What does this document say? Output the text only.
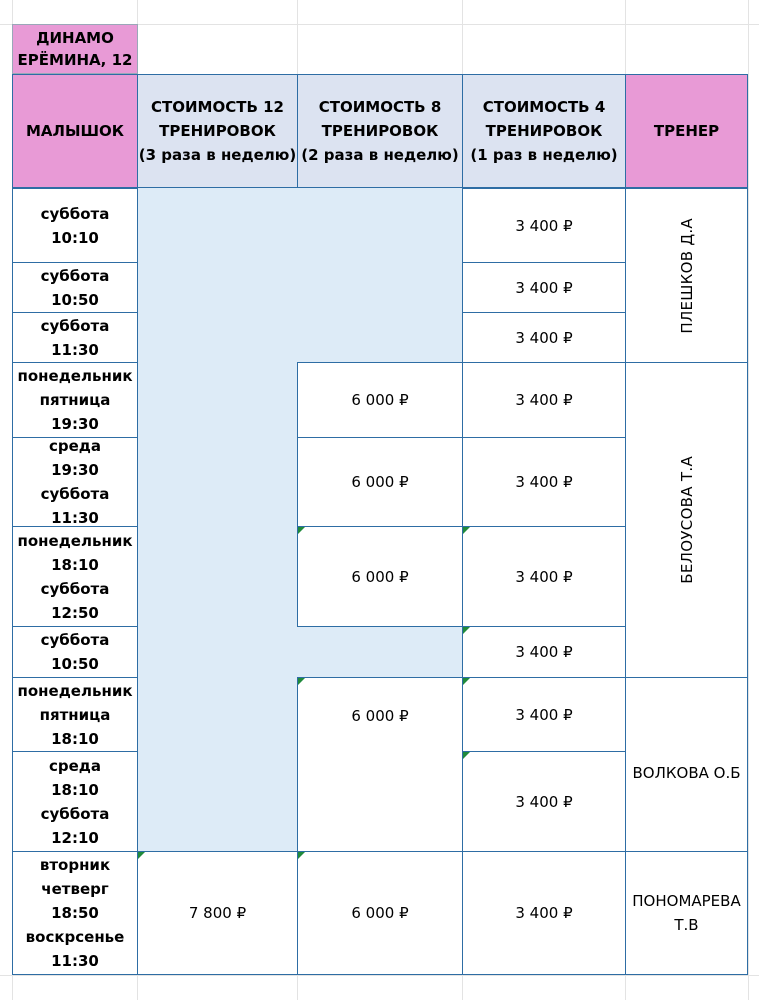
ДИНАМО
ЕРЁМИНА, 12
МАЛЫШОК
СТОИМОСТЬ 12
ТРЕНИРОВОК
(3 раза в неделю)
СТОИМОСТЬ 8
ТРЕНИРОВОК
(2 раза в неделю)
СТОИМОСТЬ 4
ТРЕНИРОВОК
(1 раз в неделю)
ТРЕНЕР
суббота
10:10
суббота
10:50
суббота
11:30
понедельник
пятница
19:30
среда
19:30
суббота
11:30
понедельник
18:10
суббота
12:50
суббота
10:50
понедельник
пятница
18:10
среда
18:10
суббота
12:10
вторник
четверг
18:50
воскрсенье
11:30
7 800 ₽
6 000 ₽
6 000 ₽
6 000 ₽
6 000 ₽
6 000 ₽
3 400 ₽
3 400 ₽
3 400 ₽
3 400 ₽
3 400 ₽
3 400 ₽
3 400 ₽
3 400 ₽
3 400 ₽
3 400 ₽
ПЛЕШКОВ Д.А
БЕЛОУСОВА Т.А
ВОЛКОВА О.Б
ПОНОМАРЕВА
Т.В
